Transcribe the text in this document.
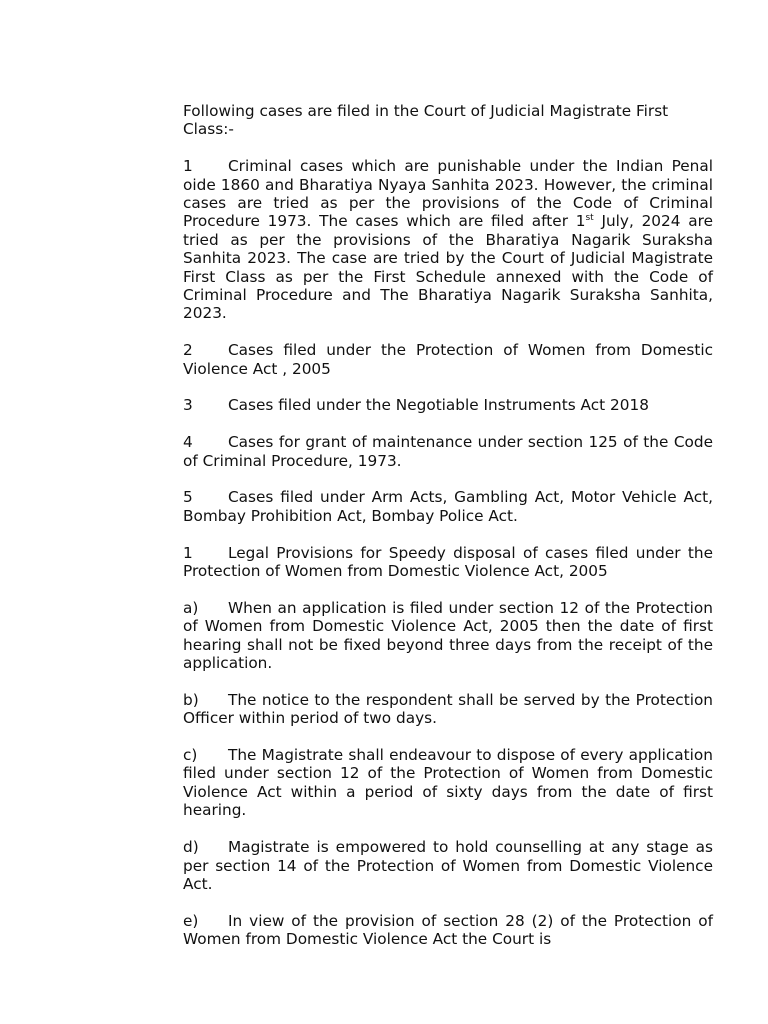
Following cases are filed in the Court of Judicial Magistrate First Class:-

1 Criminal cases which are punishable under the Indian Penal oide 1860 and Bharatiya Nyaya Sanhita 2023. However, the criminal cases are tried as per the provisions of the Code of Criminal Procedure 1973. The cases which are filed after 1st July, 2024 are tried as per the provisions of the Bharatiya Nagarik Suraksha Sanhita 2023. The case are tried by the Court of Judicial Magistrate First Class as per the First Schedule annexed with the Code of Criminal Procedure and The Bharatiya Nagarik Suraksha Sanhita, 2023.

2 Cases filed under the Protection of Women from Domestic Violence Act , 2005

3 Cases filed under the Negotiable Instruments Act 2018

4 Cases for grant of maintenance under section 125 of the Code of Criminal Procedure, 1973.

5 Cases filed under Arm Acts, Gambling Act, Motor Vehicle Act, Bombay Prohibition Act, Bombay Police Act.

1 Legal Provisions for Speedy disposal of cases filed under the Protection of Women from Domestic Violence Act, 2005

a) When an application is filed under section 12 of the Protection of Women from Domestic Violence Act, 2005 then the date of first hearing shall not be fixed beyond three days from the receipt of the application.

b) The notice to the respondent shall be served by the Protection Officer within period of two days.

c) The Magistrate shall endeavour to dispose of every application filed under section 12 of the Protection of Women from Domestic Violence Act within a period of sixty days from the date of first hearing.

d) Magistrate is empowered to hold counselling at any stage as per section 14 of the Protection of Women from Domestic Violence Act.

e) In view of the provision of section 28 (2) of the Protection of Women from Domestic Violence Act the Court is
